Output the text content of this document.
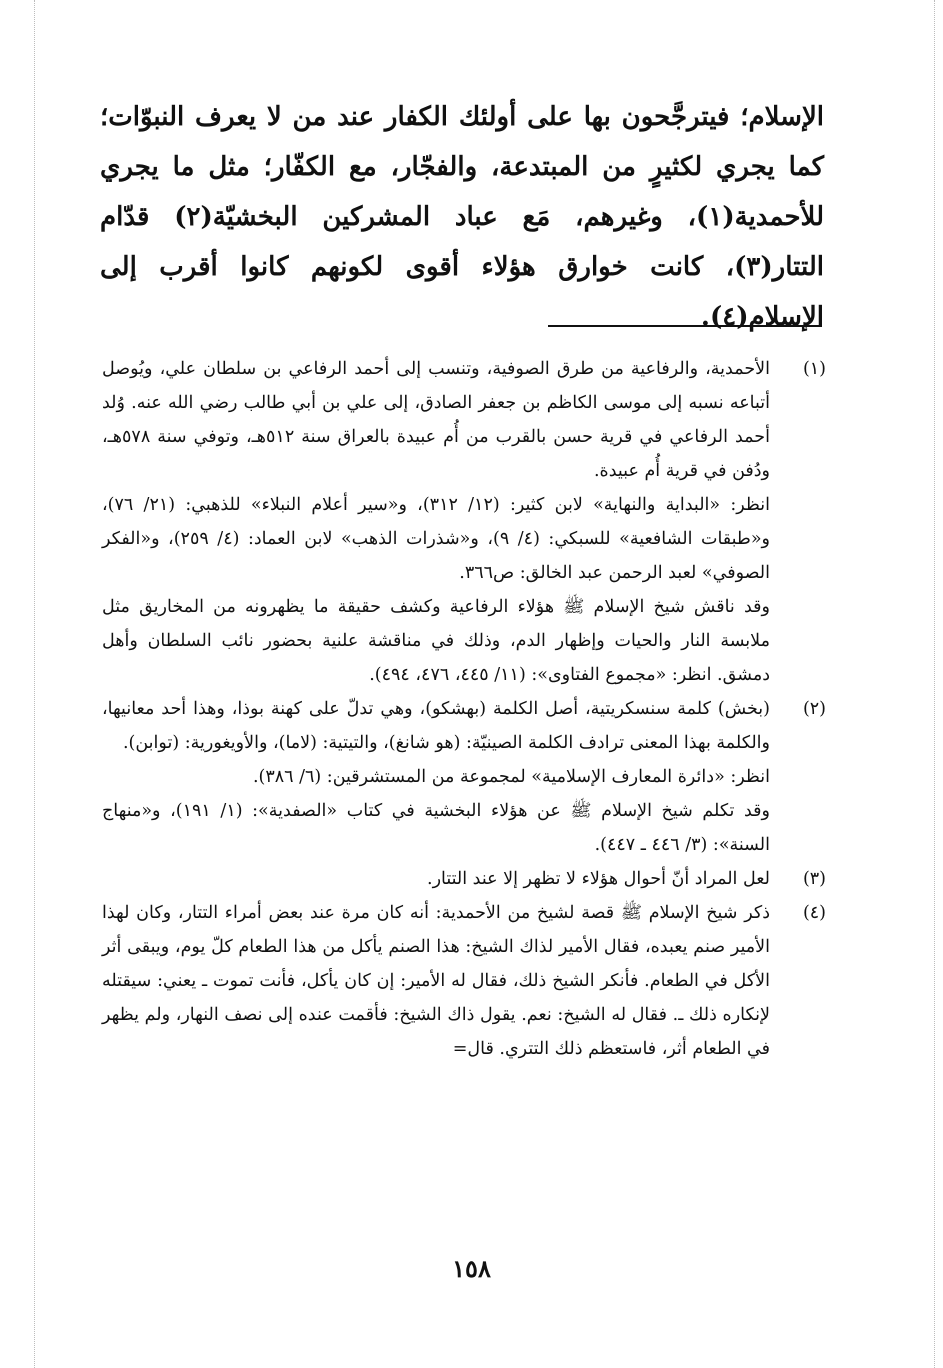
الإسلام؛ فيترجَّحون بها على أولئك الكفار عند من لا يعرف النبوّات؛ كما يجري لكثيرٍ من المبتدعة، والفجّار، مع الكفّار؛ مثل ما يجري للأحمدية(١)، وغيرهم، مَع عباد المشركين البخشيّة(٢) قدّام التتار(٣)، كانت خوارق هؤلاء أقوى لكونهم كانوا أقرب إلى الإسلام(٤).

(١)

الأحمدية، والرفاعية من طرق الصوفية، وتنسب إلى أحمد الرفاعي بن سلطان علي، ويُوصل أتباعه نسبه إلى موسى الكاظم بن جعفر الصادق، إلى علي بن أبي طالب رضي الله عنه. وُلد أحمد الرفاعي في قرية حسن بالقرب من أُم عبيدة بالعراق سنة ٥١٢هـ، وتوفي سنة ٥٧٨هـ، ودُفن في قرية أُم عبيدة.

انظر: «البداية والنهاية» لابن كثير: (١٢/ ٣١٢)، و«سير أعلام النبلاء» للذهبي: (٢١/ ٧٦)، و«طبقات الشافعية» للسبكي: (٤/ ٩)، و«شذرات الذهب» لابن العماد: (٤/ ٢٥٩)، و«الفكر الصوفي» لعبد الرحمن عبد الخالق: ص٣٦٦.

وقد ناقش شيخ الإسلام ﷺ هؤلاء الرفاعية وكشف حقيقة ما يظهرونه من المخاريق مثل ملابسة النار والحيات وإظهار الدم، وذلك في مناقشة علنية بحضور نائب السلطان وأهل دمشق. انظر: «مجموع الفتاوى»: (١١/ ٤٤٥، ٤٧٦، ٤٩٤).

(٢)

(بخش) كلمة سنسكريتية، أصل الكلمة (بهشكو)، وهي تدلّ على كهنة بوذا، وهذا أحد معانيها، والكلمة بهذا المعنى ترادف الكلمة الصينيّة: (هو شانغ)، والتيتية: (لاما)، والأويغورية: (توابن).

انظر: «دائرة المعارف الإسلامية» لمجموعة من المستشرقين: (٦/ ٣٨٦).

وقد تكلم شيخ الإسلام ﷺ عن هؤلاء البخشية في كتاب «الصفدية»: (١/ ١٩١)، و«منهاج السنة»: (٣/ ٤٤٦ ـ ٤٤٧).

(٣)

لعل المراد أنّ أحوال هؤلاء لا تظهر إلا عند التتار.

(٤)

ذكر شيخ الإسلام ﷺ قصة لشيخ من الأحمدية: أنه كان مرة عند بعض أمراء التتار، وكان لهذا الأمير صنم يعبده، فقال الأمير لذاك الشيخ: هذا الصنم يأكل من هذا الطعام كلّ يوم، ويبقى أثر الأكل في الطعام. فأنكر الشيخ ذلك، فقال له الأمير: إن كان يأكل، فأنت تموت ـ يعني: سيقتله لإنكاره ذلك ـ. فقال له الشيخ: نعم. يقول ذاك الشيخ: فأقمت عنده إلى نصف النهار، ولم يظهر في الطعام أثر، فاستعظم ذلك التتري. قال=

١٥٨
